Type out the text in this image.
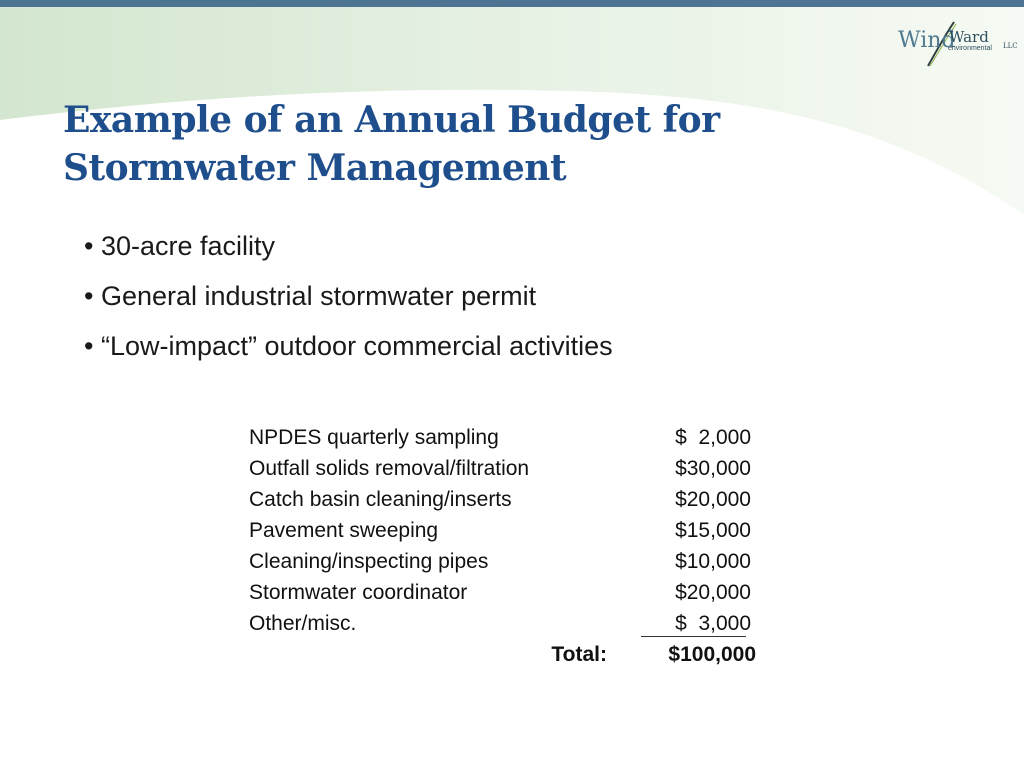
Wind
Ward
environmental LLC
Example of an Annual Budget for
Stormwater Management
• 30-acre facility
• General industrial stormwater permit
• “Low-impact” outdoor commercial activities
NPDES quarterly sampling	$  2,000
Outfall solids removal/filtration	$30,000
Catch basin cleaning/inserts	$20,000
Pavement sweeping	$15,000
Cleaning/inspecting pipes	$10,000
Stormwater coordinator	$20,000
Other/misc.	$  3,000
Total:	$100,000
